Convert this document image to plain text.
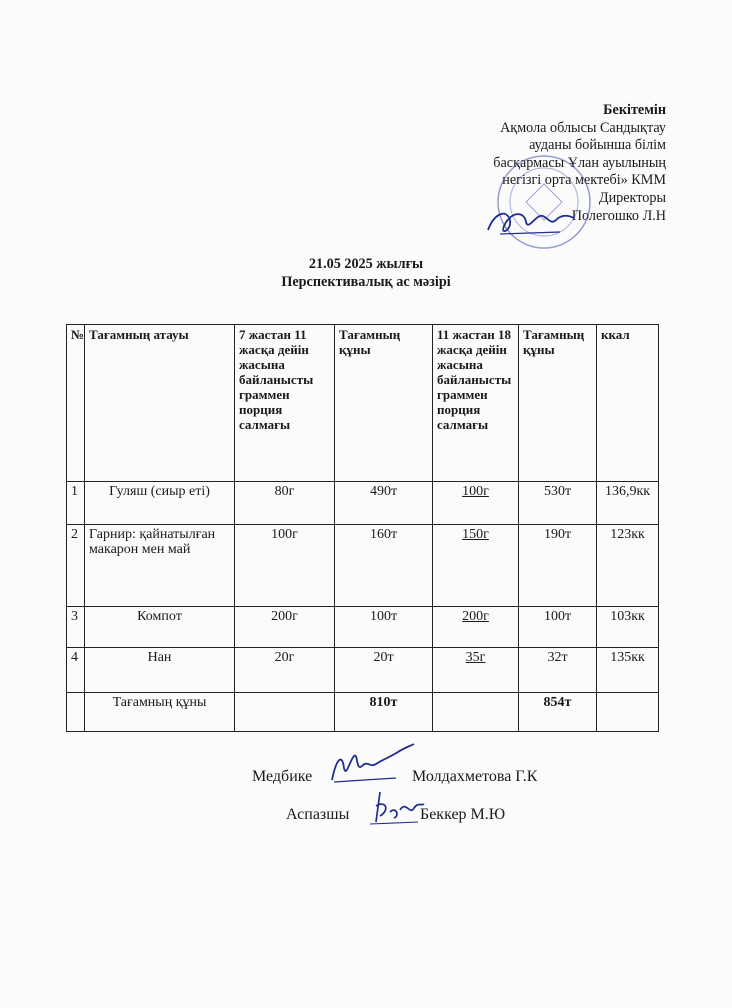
Бекітемін
Ақмола облысы Сандықтау
ауданы бойынша білім
басқармасы Ұлан ауылының
негізгі орта мектебі» КММ
Директоры
Полегошко Л.Н
21.05 2025 жылғы
Перспективалық ас мәзірі
№	Тағамның атауы	7 жастан 11 жасқа дейін жасына байланысты граммен порция салмағы	Тағамның құны	11 жастан 18 жасқа дейін жасына байланысты граммен порция салмағы	Тағамның құны	ккал
1	Гуляш (сиыр еті)	80г	490т	100г	530т	136,9кк
2	Гарнир: қайнатылған макарон мен май	100г	160т	150г	190т	123кк
3	Компот	200г	100т	200г	100т	103кк
4	Нан	20г	20т	35г	32т	135кк
	Тағамның құны		810т		854т	
Медбике	Молдахметова Г.К
Аспазшы	Беккер М.Ю
